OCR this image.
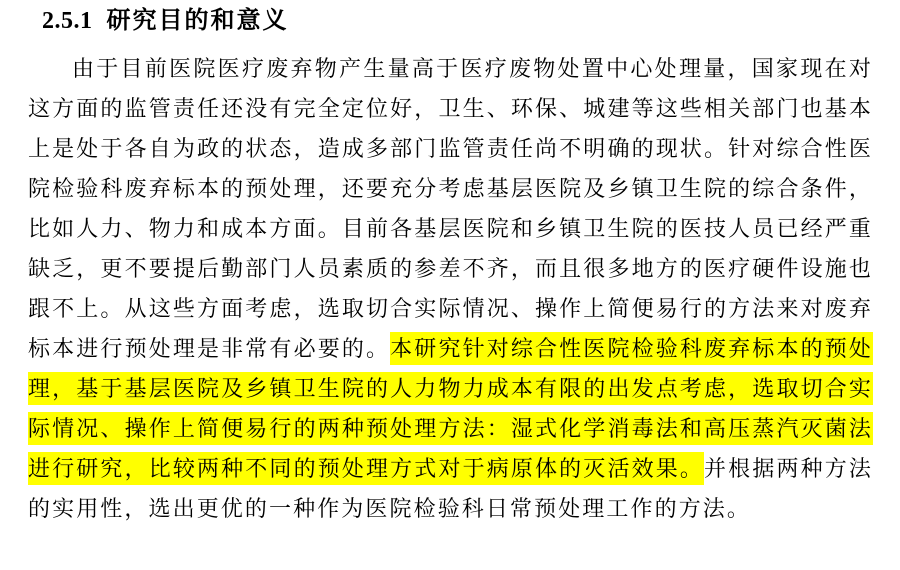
2.5.1 研究目的和意义

由于目前医院医疗废弃物产生量高于医疗废物处置中心处理量，国家现在对这方面的监管责任还没有完全定位好，卫生、环保、城建等这些相关部门也基本上是处于各自为政的状态，造成多部门监管责任尚不明确的现状。针对综合性医院检验科废弃标本的预处理，还要充分考虑基层医院及乡镇卫生院的综合条件，比如人力、物力和成本方面。目前各基层医院和乡镇卫生院的医技人员已经严重缺乏，更不要提后勤部门人员素质的参差不齐，而且很多地方的医疗硬件设施也跟不上。从这些方面考虑，选取切合实际情况、操作上简便易行的方法来对废弃标本进行预处理是非常有必要的。本研究针对综合性医院检验科废弃标本的预处理，基于基层医院及乡镇卫生院的人力物力成本有限的出发点考虑，选取切合实际情况、操作上简便易行的两种预处理方法：湿式化学消毒法和高压蒸汽灭菌法进行研究，比较两种不同的预处理方式对于病原体的灭活效果。并根据两种方法的实用性，选出更优的一种作为医院检验科日常预处理工作的方法。
